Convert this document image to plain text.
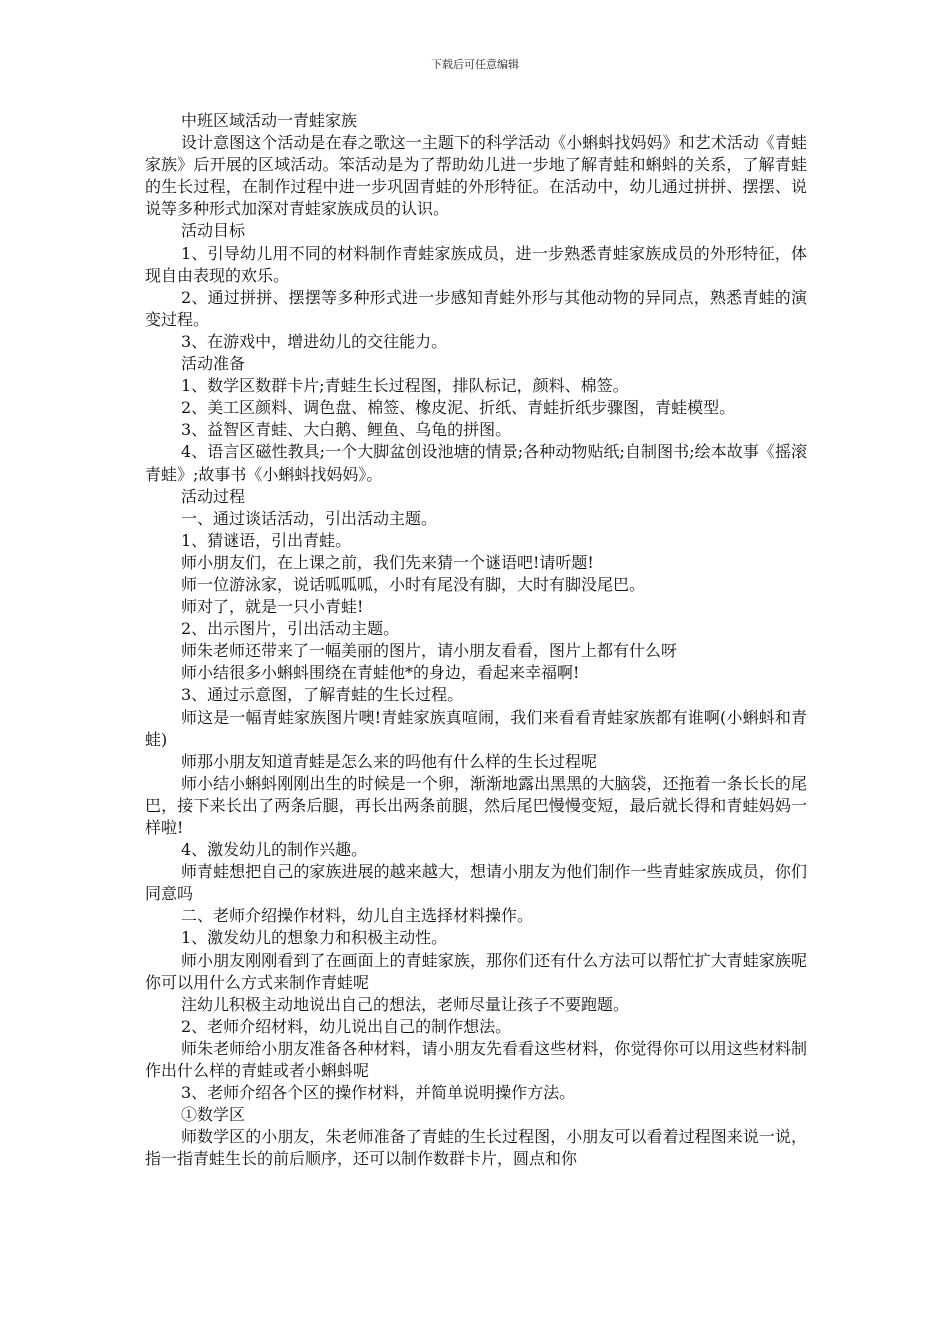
下载后可任意编辑

中班区域活动一青蛙家族

设计意图这个活动是在春之歌这一主题下的科学活动《小蝌蚪找妈妈》和艺术活动《青蛙家族》后开展的区域活动。笨活动是为了帮助幼儿进一步地了解青蛙和蝌蚪的关系，了解青蛙的生长过程，在制作过程中进一步巩固青蛙的外形特征。在活动中，幼儿通过拼拼、摆摆、说说等多种形式加深对青蛙家族成员的认识。

活动目标

1、引导幼儿用不同的材料制作青蛙家族成员，进一步熟悉青蛙家族成员的外形特征，体现自由表现的欢乐。

2、通过拼拼、摆摆等多种形式进一步感知青蛙外形与其他动物的异同点，熟悉青蛙的演变过程。

3、在游戏中，增进幼儿的交往能力。

活动准备

1、数学区数群卡片;青蛙生长过程图，排队标记，颜料、棉签。

2、美工区颜料、调色盘、棉签、橡皮泥、折纸、青蛙折纸步骤图，青蛙模型。

3、益智区青蛙、大白鹅、鲤鱼、乌龟的拼图。

4、语言区磁性教具;一个大脚盆创设池塘的情景;各种动物贴纸;自制图书;绘本故事《摇滚青蛙》;故事书《小蝌蚪找妈妈》。

活动过程

一、通过谈话活动，引出活动主题。

1、猜谜语，引出青蛙。

师小朋友们，在上课之前，我们先来猜一个谜语吧!请听题!

师一位游泳家，说话呱呱呱，小时有尾没有脚，大时有脚没尾巴。

师对了，就是一只小青蛙!

2、出示图片，引出活动主题。

师朱老师还带来了一幅美丽的图片，请小朋友看看，图片上都有什么呀

师小结很多小蝌蚪围绕在青蛙他*的身边，看起来幸福啊!

3、通过示意图，了解青蛙的生长过程。

师这是一幅青蛙家族图片噢!青蛙家族真喧闹，我们来看看青蛙家族都有谁啊(小蝌蚪和青蛙)

师那小朋友知道青蛙是怎么来的吗他有什么样的生长过程呢

师小结小蝌蚪刚刚出生的时候是一个卵，渐渐地露出黑黑的大脑袋，还拖着一条长长的尾巴，接下来长出了两条后腿，再长出两条前腿，然后尾巴慢慢变短，最后就长得和青蛙妈妈一样啦!

4、激发幼儿的制作兴趣。

师青蛙想把自己的家族进展的越来越大，想请小朋友为他们制作一些青蛙家族成员，你们同意吗

二、老师介绍操作材料，幼儿自主选择材料操作。

1、激发幼儿的想象力和积极主动性。

师小朋友刚刚看到了在画面上的青蛙家族，那你们还有什么方法可以帮忙扩大青蛙家族呢你可以用什么方式来制作青蛙呢

注幼儿积极主动地说出自己的想法，老师尽量让孩子不要跑题。

2、老师介绍材料，幼儿说出自己的制作想法。

师朱老师给小朋友准备各种材料，请小朋友先看看这些材料，你觉得你可以用这些材料制作出什么样的青蛙或者小蝌蚪呢

3、老师介绍各个区的操作材料，并简单说明操作方法。

①数学区

师数学区的小朋友，朱老师准备了青蛙的生长过程图，小朋友可以看着过程图来说一说，指一指青蛙生长的前后顺序，还可以制作数群卡片，圆点和你
